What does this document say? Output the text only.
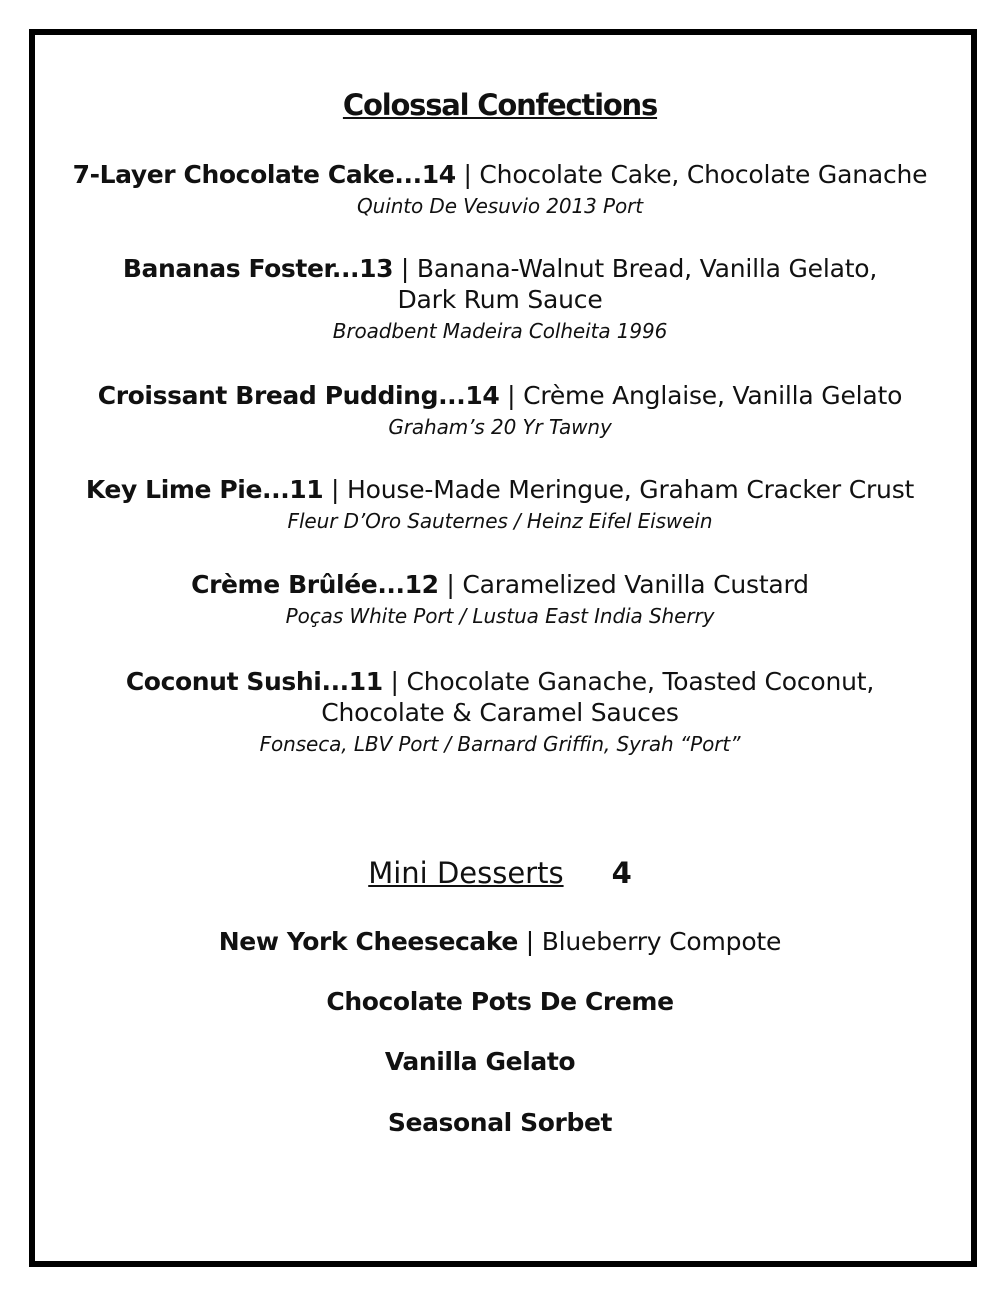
Colossal Confections
7-Layer Chocolate Cake...14 | Chocolate Cake, Chocolate Ganache
Quinto De Vesuvio 2013 Port
Bananas Foster...13 | Banana-Walnut Bread, Vanilla Gelato,
Dark Rum Sauce
Broadbent Madeira Colheita 1996
Croissant Bread Pudding...14 | Crème Anglaise, Vanilla Gelato
Graham’s 20 Yr Tawny
Key Lime Pie...11 | House-Made Meringue, Graham Cracker Crust
Fleur D’Oro Sauternes / Heinz Eifel Eiswein
Crème Brûlée...12 | Caramelized Vanilla Custard
Poças White Port / Lustua East India Sherry
Coconut Sushi...11 | Chocolate Ganache, Toasted Coconut,
Chocolate & Caramel Sauces
Fonseca, LBV Port / Barnard Griffin, Syrah “Port”
Mini Desserts 4
New York Cheesecake | Blueberry Compote
Chocolate Pots De Creme
Vanilla Gelato
Seasonal Sorbet
